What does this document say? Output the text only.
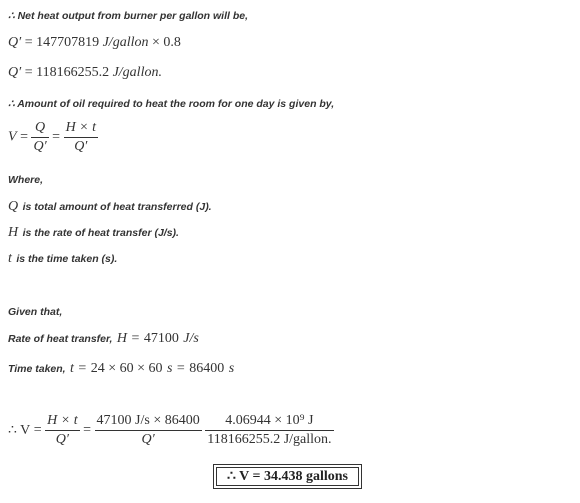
∴ Net heat output from burner per gallon will be,
Q′ = 147707819 J/gallon × 0.8
Q′ = 118166255.2 J/gallon.
∴ Amount of oil required to heat the room for one day is given by,
$V = \frac{Q}{Q'} = \frac{H \times t}{Q'}$
Where,
Q is total amount of heat transferred (J).
H is the rate of heat transfer (J/s).
t is the time taken (s).
Given that,
Rate of heat transfer, H = 47100 J/s
Time taken, t = 24 × 60 × 60 s = 86400 s
∴ $V = \frac{H \times t}{Q'} = \frac{47100 J/s \times 86400}{Q'}$
$\frac{\text{4.06944 × 10⁹ J}}{\text{118166255.2 J/gallon.}}$
∴ V = 34.438 gallons
